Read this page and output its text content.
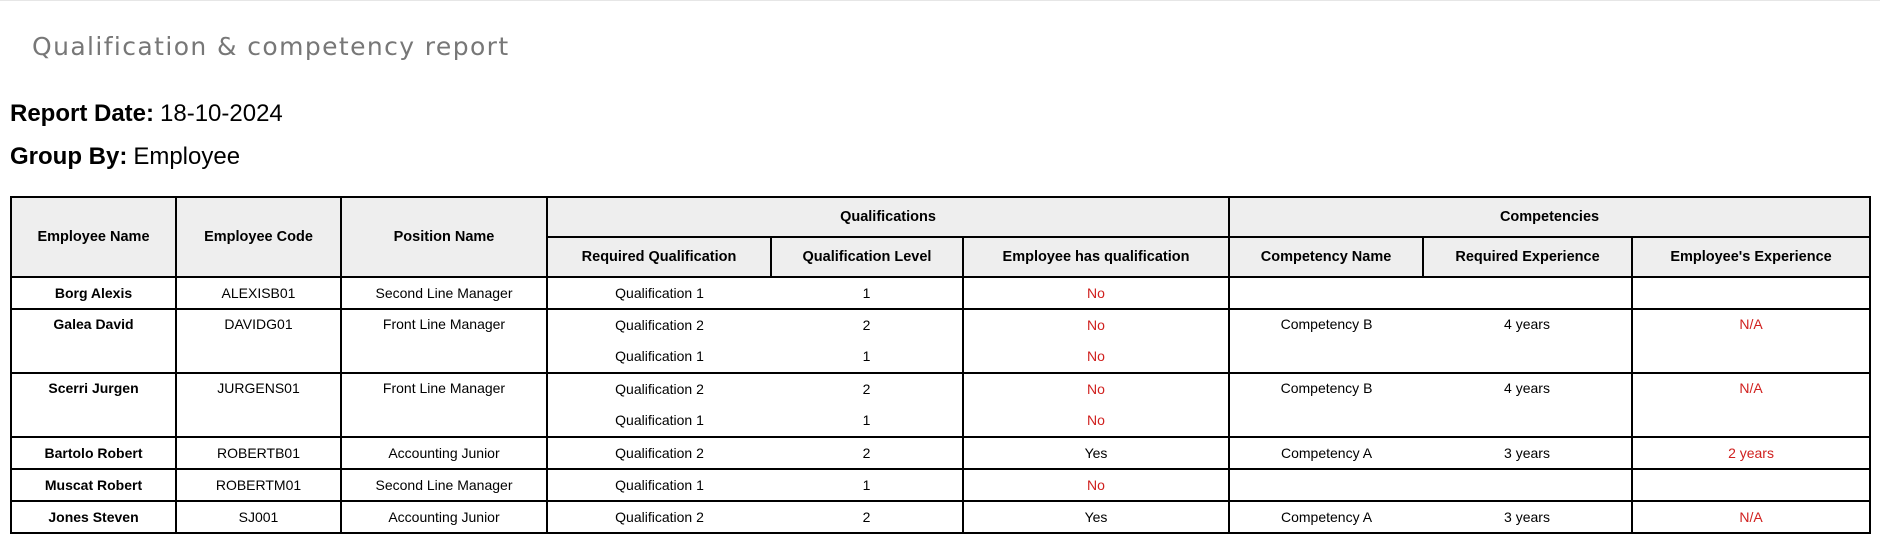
Qualification & competency report
Report Date: 18-10-2024
Group By: Employee
Employee Name	Employee Code	Position Name	Qualifications			Competencies		
			Required Qualification	Qualification Level	Employee has qualification	Competency Name	Required Experience	Employee's Experience
Borg Alexis	ALEXISB01	Second Line Manager	Qualification 1	1	No			
Galea David	DAVIDG01	Front Line Manager	Qualification 2	2	No	Competency B	4 years	N/A
			Qualification 1	1	No			
Scerri Jurgen	JURGENS01	Front Line Manager	Qualification 2	2	No	Competency B	4 years	N/A
			Qualification 1	1	No			
Bartolo Robert	ROBERTB01	Accounting Junior	Qualification 2	2	Yes	Competency A	3 years	2 years
Muscat Robert	ROBERTM01	Second Line Manager	Qualification 1	1	No			
Jones Steven	SJ001	Accounting Junior	Qualification 2	2	Yes	Competency A	3 years	N/A
